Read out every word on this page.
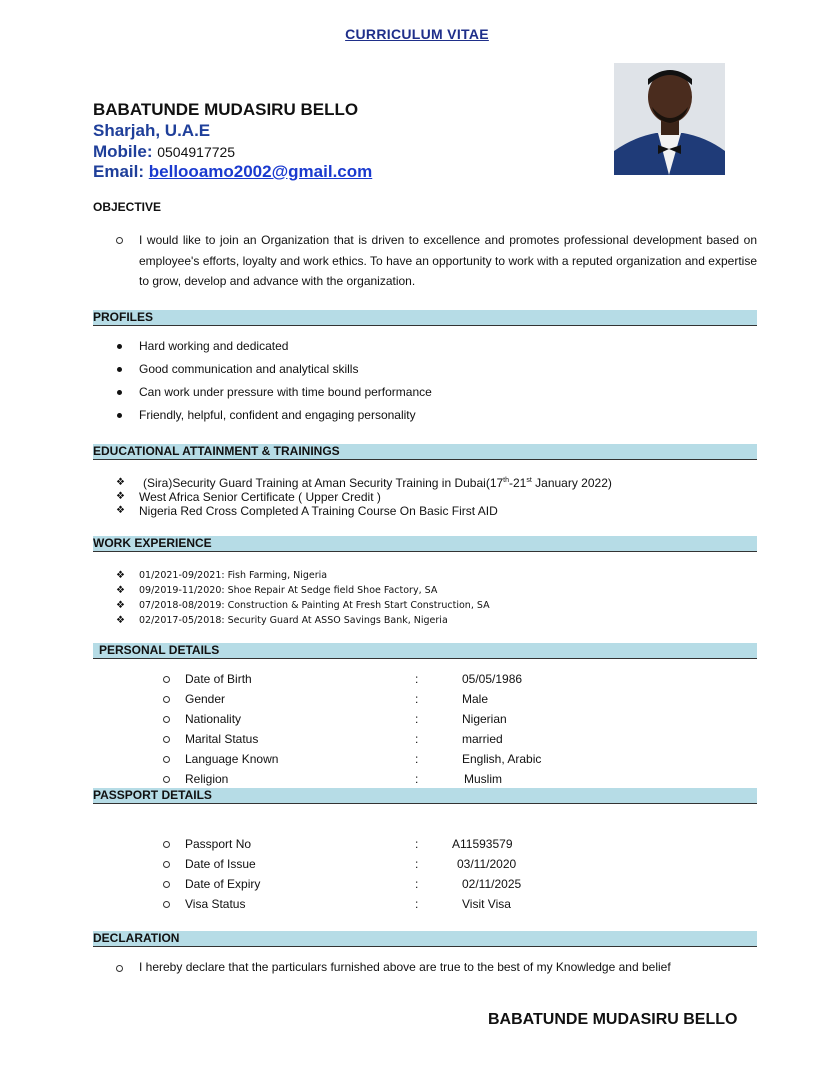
CURRICULUM VITAE
BABATUNDE MUDASIRU BELLO
Sharjah, U.A.E
Mobile: 0504917725
Email: bellooamo2002@gmail.com
OBJECTIVE
I would like to join an Organization that is driven to excellence and promotes professional development based on employee's efforts, loyalty and work ethics. To have an opportunity to work with a reputed organization and expertise to grow, develop and advance with the organization.
PROFILES
Hard working and dedicated
Good communication and analytical skills
Can work under pressure with time bound performance
Friendly, helpful, confident and engaging personality
EDUCATIONAL ATTAINMENT & TRAININGS
❖ (Sira)Security Guard Training at Aman Security Training in Dubai(17th-21st January 2022)
❖ West Africa Senior Certificate ( Upper Credit )
❖ Nigeria Red Cross Completed A Training Course On Basic First AID
WORK EXPERIENCE
❖ 01/2021-09/2021: Fish Farming, Nigeria
❖ 09/2019-11/2020: Shoe Repair At Sedge field Shoe Factory, SA
❖ 07/2018-08/2019: Construction & Painting At Fresh Start Construction, SA
❖ 02/2017-05/2018: Security Guard At ASSO Savings Bank, Nigeria
PERSONAL DETAILS
Date of Birth	:	05/05/1986
Gender	:	Male
Nationality	:	Nigerian
Marital Status	:	married
Language Known	:	English, Arabic
Religion	:	Muslim
PASSPORT DETAILS
Passport No	:	A11593579
Date of Issue	:	03/11/2020
Date of Expiry	:	02/11/2025
Visa Status	:	Visit Visa
DECLARATION
I hereby declare that the particulars furnished above are true to the best of my Knowledge and belief
BABATUNDE MUDASIRU BELLO
